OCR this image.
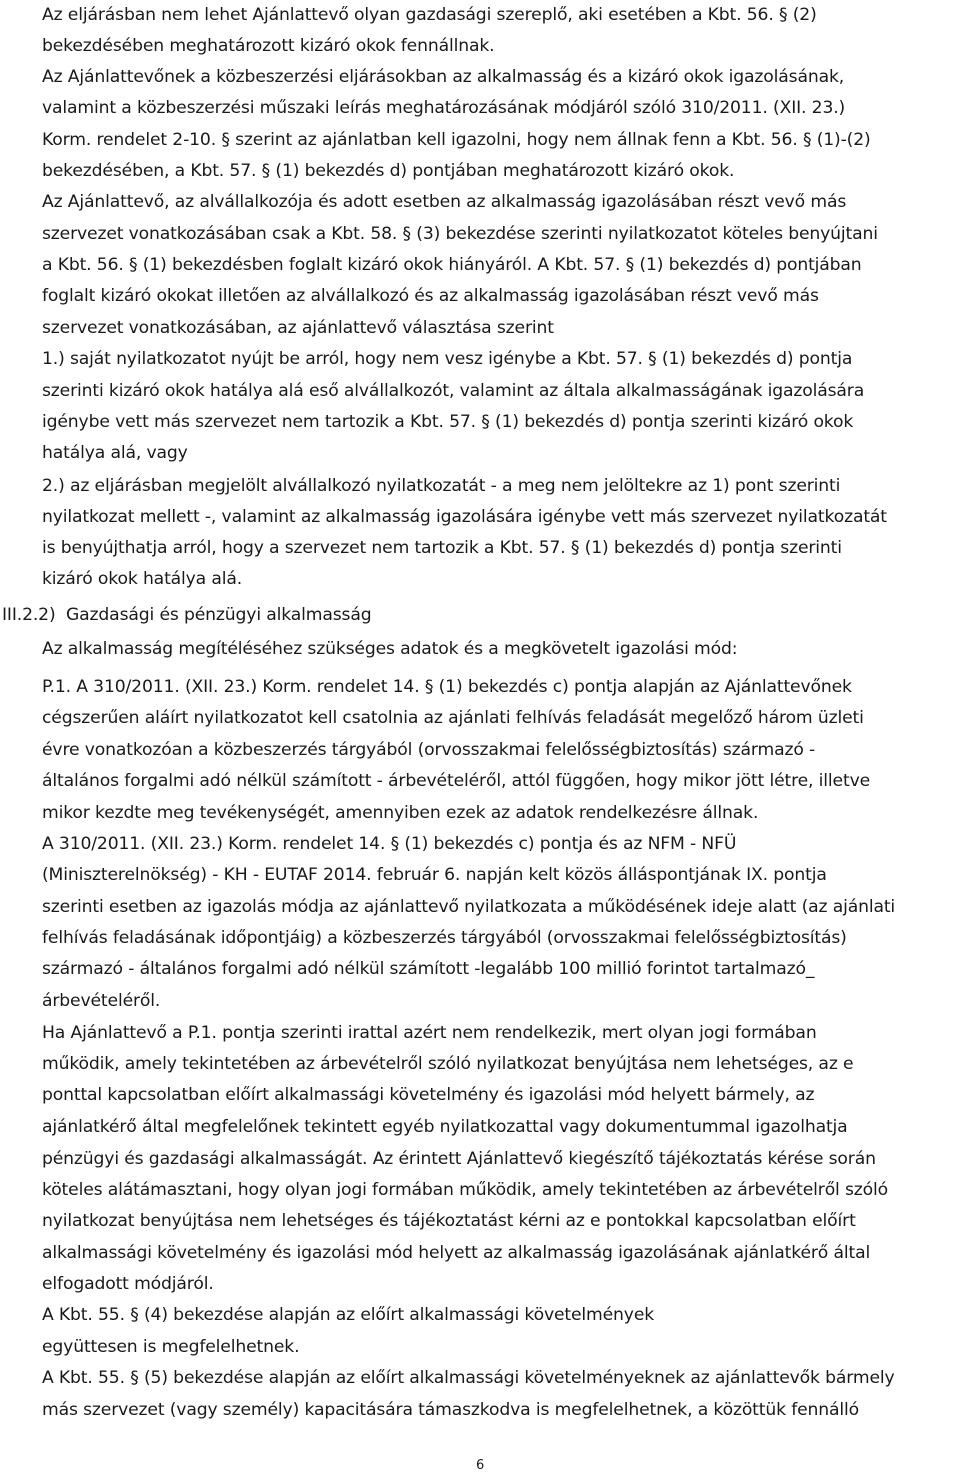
Az eljárásban nem lehet Ajánlattevő olyan gazdasági szereplő, aki esetében a Kbt. 56. § (2)
bekezdésében meghatározott kizáró okok fennállnak.
Az Ajánlattevőnek a közbeszerzési eljárásokban az alkalmasság és a kizáró okok igazolásának,
valamint a közbeszerzési műszaki leírás meghatározásának módjáról szóló 310/2011. (XII. 23.)
Korm. rendelet 2-10. § szerint az ajánlatban kell igazolni, hogy nem állnak fenn a Kbt. 56. § (1)-(2)
bekezdésében, a Kbt. 57. § (1) bekezdés d) pontjában meghatározott kizáró okok.
Az Ajánlattevő, az alvállalkozója és adott esetben az alkalmasság igazolásában részt vevő más
szervezet vonatkozásában csak a Kbt. 58. § (3) bekezdése szerinti nyilatkozatot köteles benyújtani
a Kbt. 56. § (1) bekezdésben foglalt kizáró okok hiányáról. A Kbt. 57. § (1) bekezdés d) pontjában
foglalt kizáró okokat illetően az alvállalkozó és az alkalmasság igazolásában részt vevő más
szervezet vonatkozásában, az ajánlattevő választása szerint
1.) saját nyilatkozatot nyújt be arról, hogy nem vesz igénybe a Kbt. 57. § (1) bekezdés d) pontja
szerinti kizáró okok hatálya alá eső alvállalkozót, valamint az általa alkalmasságának igazolására
igénybe vett más szervezet nem tartozik a Kbt. 57. § (1) bekezdés d) pontja szerinti kizáró okok
hatálya alá, vagy
2.) az eljárásban megjelölt alvállalkozó nyilatkozatát - a meg nem jelöltekre az 1) pont szerinti
nyilatkozat mellett -, valamint az alkalmasság igazolására igénybe vett más szervezet nyilatkozatát
is benyújthatja arról, hogy a szervezet nem tartozik a Kbt. 57. § (1) bekezdés d) pontja szerinti
kizáró okok hatálya alá.
III.2.2) Gazdasági és pénzügyi alkalmasság
Az alkalmasság megítéléséhez szükséges adatok és a megkövetelt igazolási mód:
P.1. A 310/2011. (XII. 23.) Korm. rendelet 14. § (1) bekezdés c) pontja alapján az Ajánlattevőnek
cégszerűen aláírt nyilatkozatot kell csatolnia az ajánlati felhívás feladását megelőző három üzleti
évre vonatkozóan a közbeszerzés tárgyából (orvosszakmai felelősségbiztosítás) származó -
általános forgalmi adó nélkül számított - árbevételéről, attól függően, hogy mikor jött létre, illetve
mikor kezdte meg tevékenységét, amennyiben ezek az adatok rendelkezésre állnak.
A 310/2011. (XII. 23.) Korm. rendelet 14. § (1) bekezdés c) pontja és az NFM - NFÜ
(Miniszterelnökség) - KH - EUTAF 2014. február 6. napján kelt közös álláspontjának IX. pontja
szerinti esetben az igazolás módja az ajánlattevő nyilatkozata a működésének ideje alatt (az ajánlati
felhívás feladásának időpontjáig) a közbeszerzés tárgyából (orvosszakmai felelősségbiztosítás)
származó - általános forgalmi adó nélkül számított -legalább 100 millió forintot tartalmazó_
árbevételéről.
Ha Ajánlattevő a P.1. pontja szerinti irattal azért nem rendelkezik, mert olyan jogi formában
működik, amely tekintetében az árbevételről szóló nyilatkozat benyújtása nem lehetséges, az e
ponttal kapcsolatban előírt alkalmassági követelmény és igazolási mód helyett bármely, az
ajánlatkérő által megfelelőnek tekintett egyéb nyilatkozattal vagy dokumentummal igazolhatja
pénzügyi és gazdasági alkalmasságát. Az érintett Ajánlattevő kiegészítő tájékoztatás kérése során
köteles alátámasztani, hogy olyan jogi formában működik, amely tekintetében az árbevételről szóló
nyilatkozat benyújtása nem lehetséges és tájékoztatást kérni az e pontokkal kapcsolatban előírt
alkalmassági követelmény és igazolási mód helyett az alkalmasság igazolásának ajánlatkérő által
elfogadott módjáról.
A Kbt. 55. § (4) bekezdése alapján az előírt alkalmassági követelmények
együttesen is megfelelhetnek.
A Kbt. 55. § (5) bekezdése alapján az előírt alkalmassági követelményeknek az ajánlattevők bármely
más szervezet (vagy személy) kapacitására támaszkodva is megfelelhetnek, a közöttük fennálló
6
